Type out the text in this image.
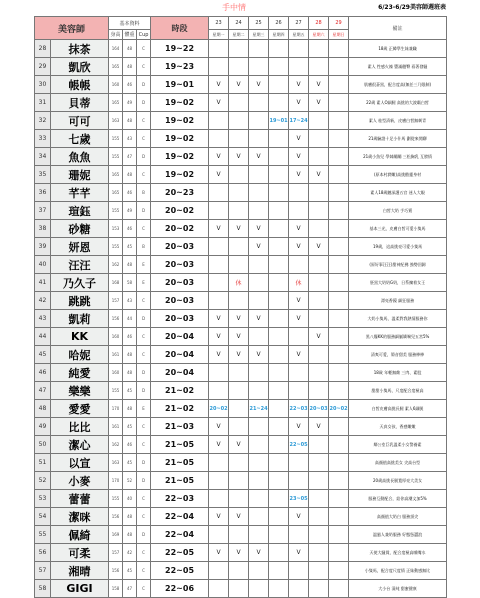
手中情	6/23-6/29美容師週班表
美容師		基本資料			時段	23	24	25	26	27	28	29	備註
		身高	體重	Cup		星期一	星期二	星期三	星期四	星期五	星期六	星期日	
28	抹茶	164	48	C	19~22								18歲 正韓學生妹兼職
29	凱欣	165	48	C	19~23								素人 性感火辣 豐滿翹臀 看著發騷
30	帳帳	160	46	D	19~01	V	V	V		V	V		肌膚很蒼黑，配合度高(無任三乃限制)
31	貝蒂	165	49	D	19~02	V				V	V		22歲 素人O細腿 高挑的大波霸白皙
32	可可	163	48	C	19~02				19~01	17~24			素人 桂型清新，皮膚白皙無刺青
33	七歲	155	43	C	19~02					V			21歲驗證十足小什馬 劃從來閒聊
34	魚魚	155	47	D	19~02	V	V	V		V			21歲小魚兒 學姊蹦蹦 三松胸乳 互膀情
35	珊妮	165	48	C	19~02	V				V	V		(原本村潤嫩)高挑酷靈身材
36	芊芊	165	46	B	20~23								素人18歲聽深護五官 迷人大眼
37	瑄鈺	155	49	D	20~02								白皙大奶 手巧賣
38	砂糖	153	46	C	20~02	V	V	V		V			基本三光，皮膚白皙可愛小隻馬
39	妍恩	155	45	B	20~03			V		V	V		19歲，這高挑亮可愛小隻馬
40	汪汪	162	48	E	20~03								(原好事汪汪)甜神紀佛 強勢回歸
41	乃久子	168	58	E	20~03		休			休			胚黑大奶奶G奶，日系擴着女王
42	跳跳	157	43	C	20~03					V			漂亮香鏡 細狂服務
43	凱莉	156	44	D	20~03	V	V	V		V			大奶小隻馬，溫柔對我熱情服務你
44	KK	160	46	C	20~04	V	V				V		黑八爆KK的服務細膩嬌喘兒五宮5%
45	哈妮	161	48	C	20~04	V	V	V		V			清爽可愛，脣音甜美 服務棒棒
46	純愛	160	48	D	20~04								18歲 年輕無敵 三肉、素股
47	樂樂	155	45	D	21~02								甜甜小隻馬，尺度配合度極高
48	愛愛	170	48	E	21~02	20~02		21~24		22~03	20~03	20~02	白皙皮膚高挑長腿 素人6細腿
49	比比	161	45	C	21~03	V				V	V		天真女孩，香感嫩嫩
50	潔心	162	46	C	21~05	V	V			22~05			鄰公室巨乳溫柔小女警養素
51	以宣	163	45	D	21~05								高顏值高挑美女 尖高台型
52	小麥	170	52	D	21~05								20歲高挑長腿寬厚亮大美女
53	蕾蕾	155	40	C	22~03					23~05			服務互動配合，給你高潮文加5%
54	潔咪	156	48	C	22~04	V	V			V			高顏值大奶白 服務頂尖
55	佩綺	169	48	D	22~04								溫風人兼奶服務 好態慫澀浪
56	可柔	157	42	C	22~05	V	V	V		V			天使大騷貨，配合度極高嗓嘴水
57	湘晴	156	45	C	22~05								小隻馬，配合度尺度情 正妹動感無比
58	GIGI	158	47	C	22~06								大小台 清純 甜蜜健康
